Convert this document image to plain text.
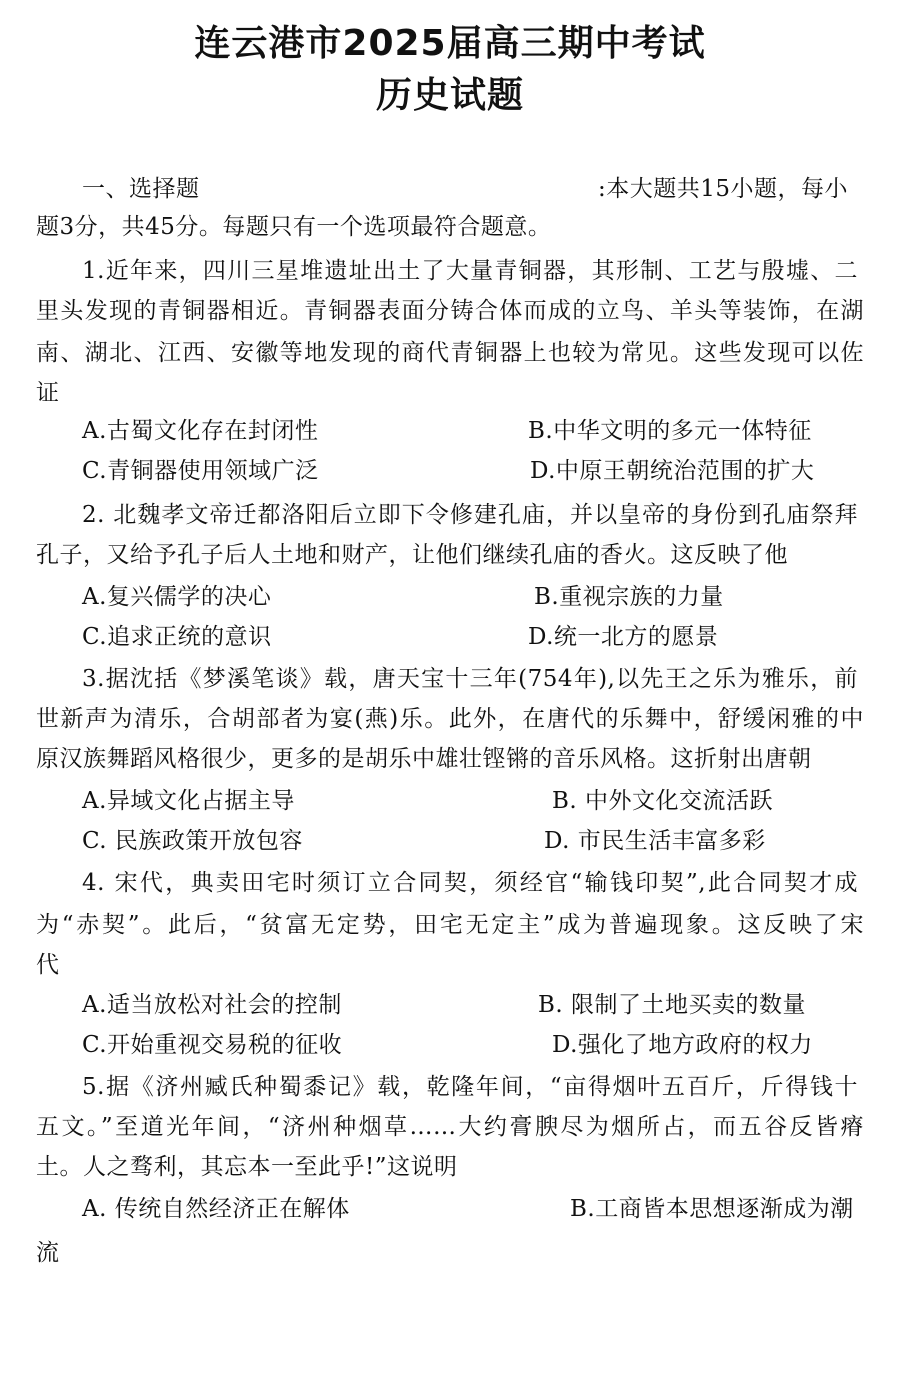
连云港市2025届高三期中考试
历史试题
一、选择题	:本大题共15小题，每小
题3分，共45分。每题只有一个选项最符合题意。
1.近年来，四川三星堆遗址出土了大量青铜器，其形制、工艺与殷墟、二
里头发现的青铜器相近。青铜器表面分铸合体而成的立鸟、羊头等装饰，在湖
南、湖北、江西、安徽等地发现的商代青铜器上也较为常见。这些发现可以佐
证
A.古蜀文化存在封闭性	B.中华文明的多元一体特征
C.青铜器使用领域广泛	D.中原王朝统治范围的扩大
2. 北魏孝文帝迁都洛阳后立即下令修建孔庙，并以皇帝的身份到孔庙祭拜
孔子，又给予孔子后人土地和财产，让他们继续孔庙的香火。这反映了他
A.复兴儒学的决心	B.重视宗族的力量
C.追求正统的意识	D.统一北方的愿景
3.据沈括《梦溪笔谈》载，唐天宝十三年(754年),以先王之乐为雅乐，前
世新声为清乐，合胡部者为宴(燕)乐。此外，在唐代的乐舞中，舒缓闲雅的中
原汉族舞蹈风格很少，更多的是胡乐中雄壮铿锵的音乐风格。这折射出唐朝
A.异域文化占据主导	B. 中外文化交流活跃
C. 民族政策开放包容	D. 市民生活丰富多彩
4. 宋代，典卖田宅时须订立合同契，须经官“输钱印契”,此合同契才成
为“赤契”。此后，“贫富无定势，田宅无定主”成为普遍现象。这反映了宋
代
A.适当放松对社会的控制	B. 限制了土地买卖的数量
C.开始重视交易税的征收	D.强化了地方政府的权力
5.据《济州臧氏种蜀黍记》载，乾隆年间，“亩得烟叶五百斤，斤得钱十
五文。”至道光年间，“济州种烟草……大约膏腴尽为烟所占，而五谷反皆瘠
土。人之骛利，其忘本一至此乎!”这说明
A. 传统自然经济正在解体	B.工商皆本思想逐渐成为潮
流
